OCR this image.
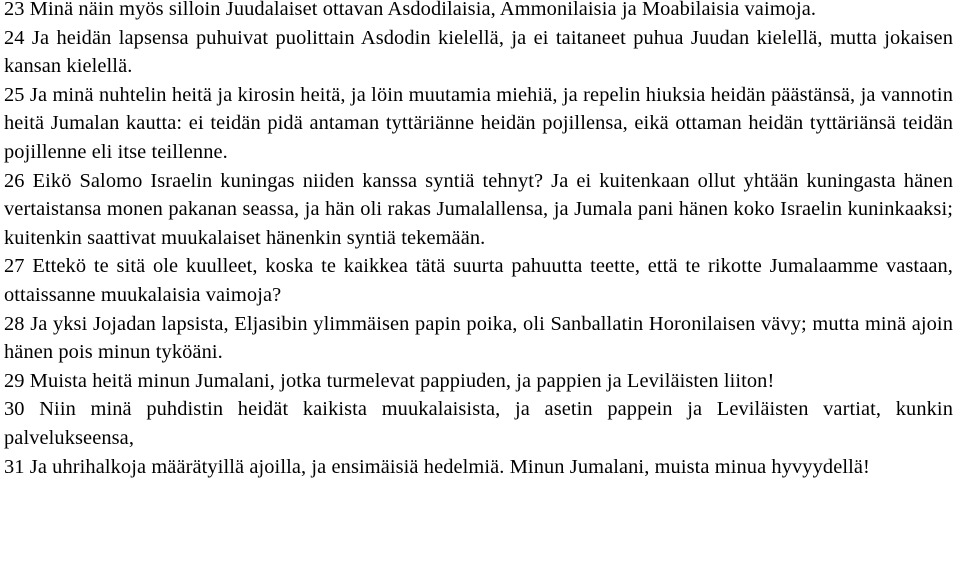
23 Minä näin myös silloin Juudalaiset ottavan Asdodilaisia, Ammonilaisia ja Moabilaisia vaimoja.

24 Ja heidän lapsensa puhuivat puolittain Asdodin kielellä, ja ei taitaneet puhua Juudan kielellä, mutta jokaisen kansan kielellä.

25 Ja minä nuhtelin heitä ja kirosin heitä, ja löin muutamia miehiä, ja repelin hiuksia heidän päästänsä, ja vannotin heitä Jumalan kautta: ei teidän pidä antaman tyttäriänne heidän pojillensa, eikä ottaman heidän tyttäriänsä teidän pojillenne eli itse teillenne.

26 Eikö Salomo Israelin kuningas niiden kanssa syntiä tehnyt? Ja ei kuitenkaan ollut yhtään kuningasta hänen vertaistansa monen pakanan seassa, ja hän oli rakas Jumalallensa, ja Jumala pani hänen koko Israelin kuninkaaksi; kuitenkin saattivat muukalaiset hänenkin syntiä tekemään.

27 Ettekö te sitä ole kuulleet, koska te kaikkea tätä suurta pahuutta teette, että te rikotte Jumalaamme vastaan, ottaissanne muukalaisia vaimoja?

28 Ja yksi Jojadan lapsista, Eljasibin ylimmäisen papin poika, oli Sanballatin Horonilaisen vävy; mutta minä ajoin hänen pois minun tyköäni.

29 Muista heitä minun Jumalani, jotka turmelevat pappiuden, ja pappien ja Leviläisten liiton!

30 Niin minä puhdistin heidät kaikista muukalaisista, ja asetin pappein ja Leviläisten vartiat, kunkin palvelukseensa,

31 Ja uhrihalkoja määrätyillä ajoilla, ja ensimäisiä hedelmiä. Minun Jumalani, muista minua hyvyydellä!
